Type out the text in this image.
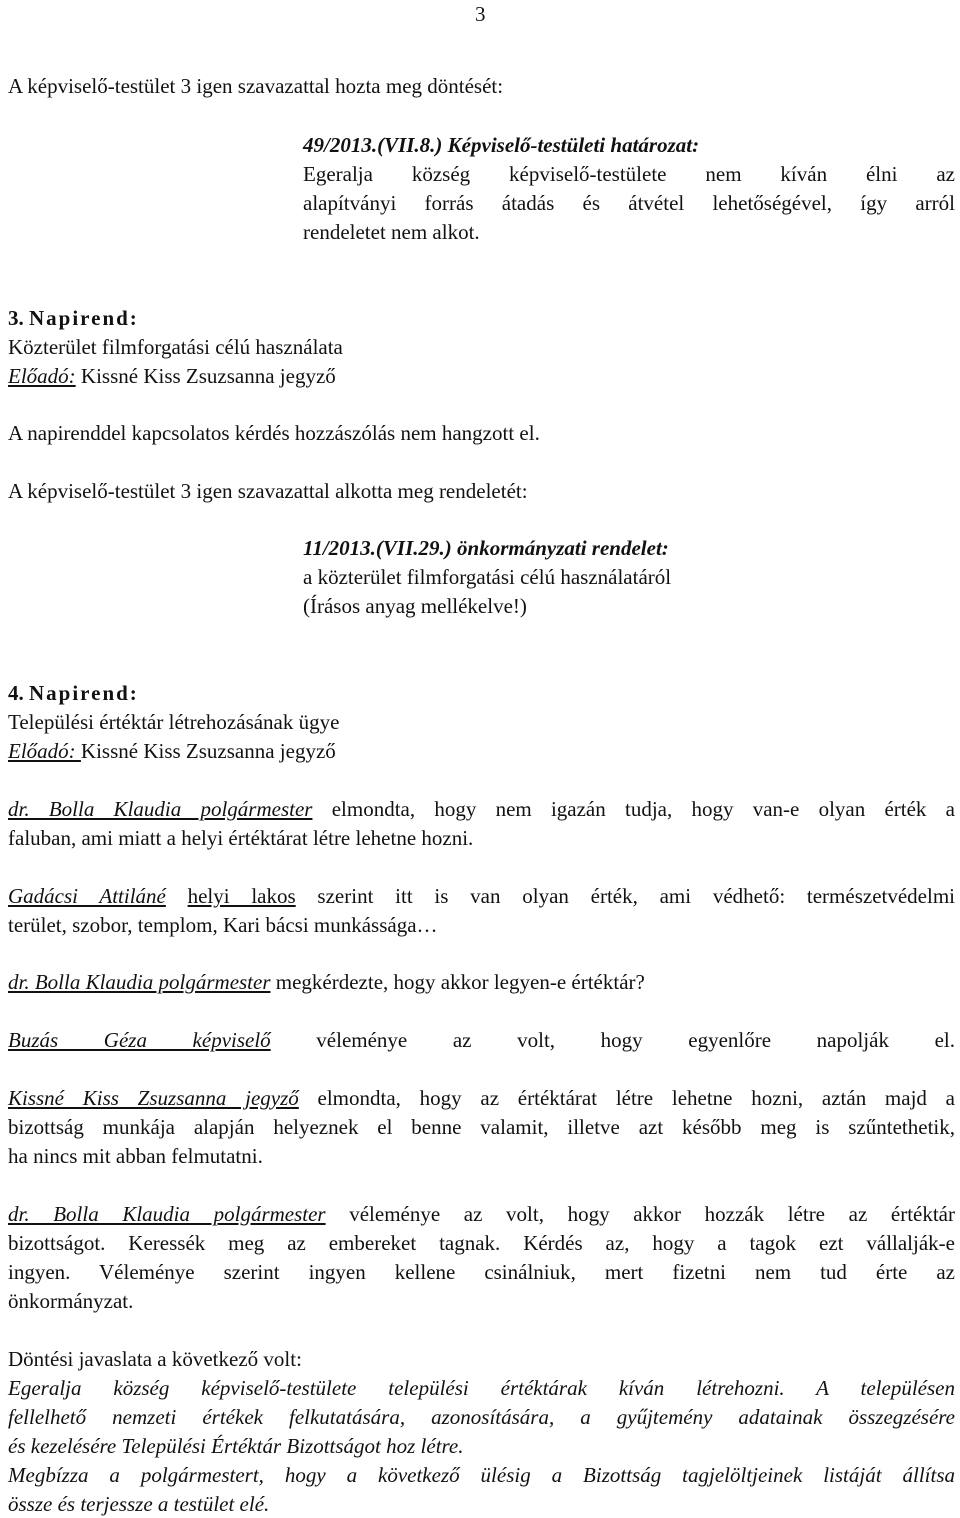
3
A képviselő-testület 3 igen szavazattal hozta meg döntését:
49/2013.(VII.8.) Képviselő-testületi határozat:
Egeralja község képviselő-testülete nem kíván élni az
alapítványi forrás átadás és átvétel lehetőségével, így arról
rendeletet nem alkot.
3. Napirend:
Közterület filmforgatási célú használata
Előadó: Kissné Kiss Zsuzsanna jegyző
A napirenddel kapcsolatos kérdés hozzászólás nem hangzott el.
A képviselő-testület 3 igen szavazattal alkotta meg rendeletét:
11/2013.(VII.29.) önkormányzati rendelet:
a közterület filmforgatási célú használatáról
(Írásos anyag mellékelve!)
4. Napirend:
Települési értéktár létrehozásának ügye
Előadó: Kissné Kiss Zsuzsanna jegyző
dr. Bolla Klaudia polgármester elmondta, hogy nem igazán tudja, hogy van-e olyan érték a
faluban, ami miatt a helyi értéktárat létre lehetne hozni.
Gadácsi Attiláné helyi lakos szerint itt is van olyan érték, ami védhető: természetvédelmi
terület, szobor, templom, Kari bácsi munkássága…
dr. Bolla Klaudia polgármester megkérdezte, hogy akkor legyen-e értéktár?
Buzás Géza képviselő véleménye az volt, hogy egyenlőre napolják el.
Kissné Kiss Zsuzsanna jegyző elmondta, hogy az értéktárat létre lehetne hozni, aztán majd a
bizottság munkája alapján helyeznek el benne valamit, illetve azt később meg is szűntethetik,
ha nincs mit abban felmutatni.
dr. Bolla Klaudia polgármester véleménye az volt, hogy akkor hozzák létre az értéktár
bizottságot. Keressék meg az embereket tagnak. Kérdés az, hogy a tagok ezt vállalják-e
ingyen. Véleménye szerint ingyen kellene csinálniuk, mert fizetni nem tud érte az
önkormányzat.
Döntési javaslata a következő volt:
Egeralja község képviselő-testülete települési értéktárak kíván létrehozni. A településen
fellelhető nemzeti értékek felkutatására, azonosítására, a gyűjtemény adatainak összegzésére
és kezelésére Települési Értéktár Bizottságot hoz létre.
Megbízza a polgármestert, hogy a következő ülésig a Bizottság tagjelöltjeinek listáját állítsa
össze és terjessze a testület elé.
